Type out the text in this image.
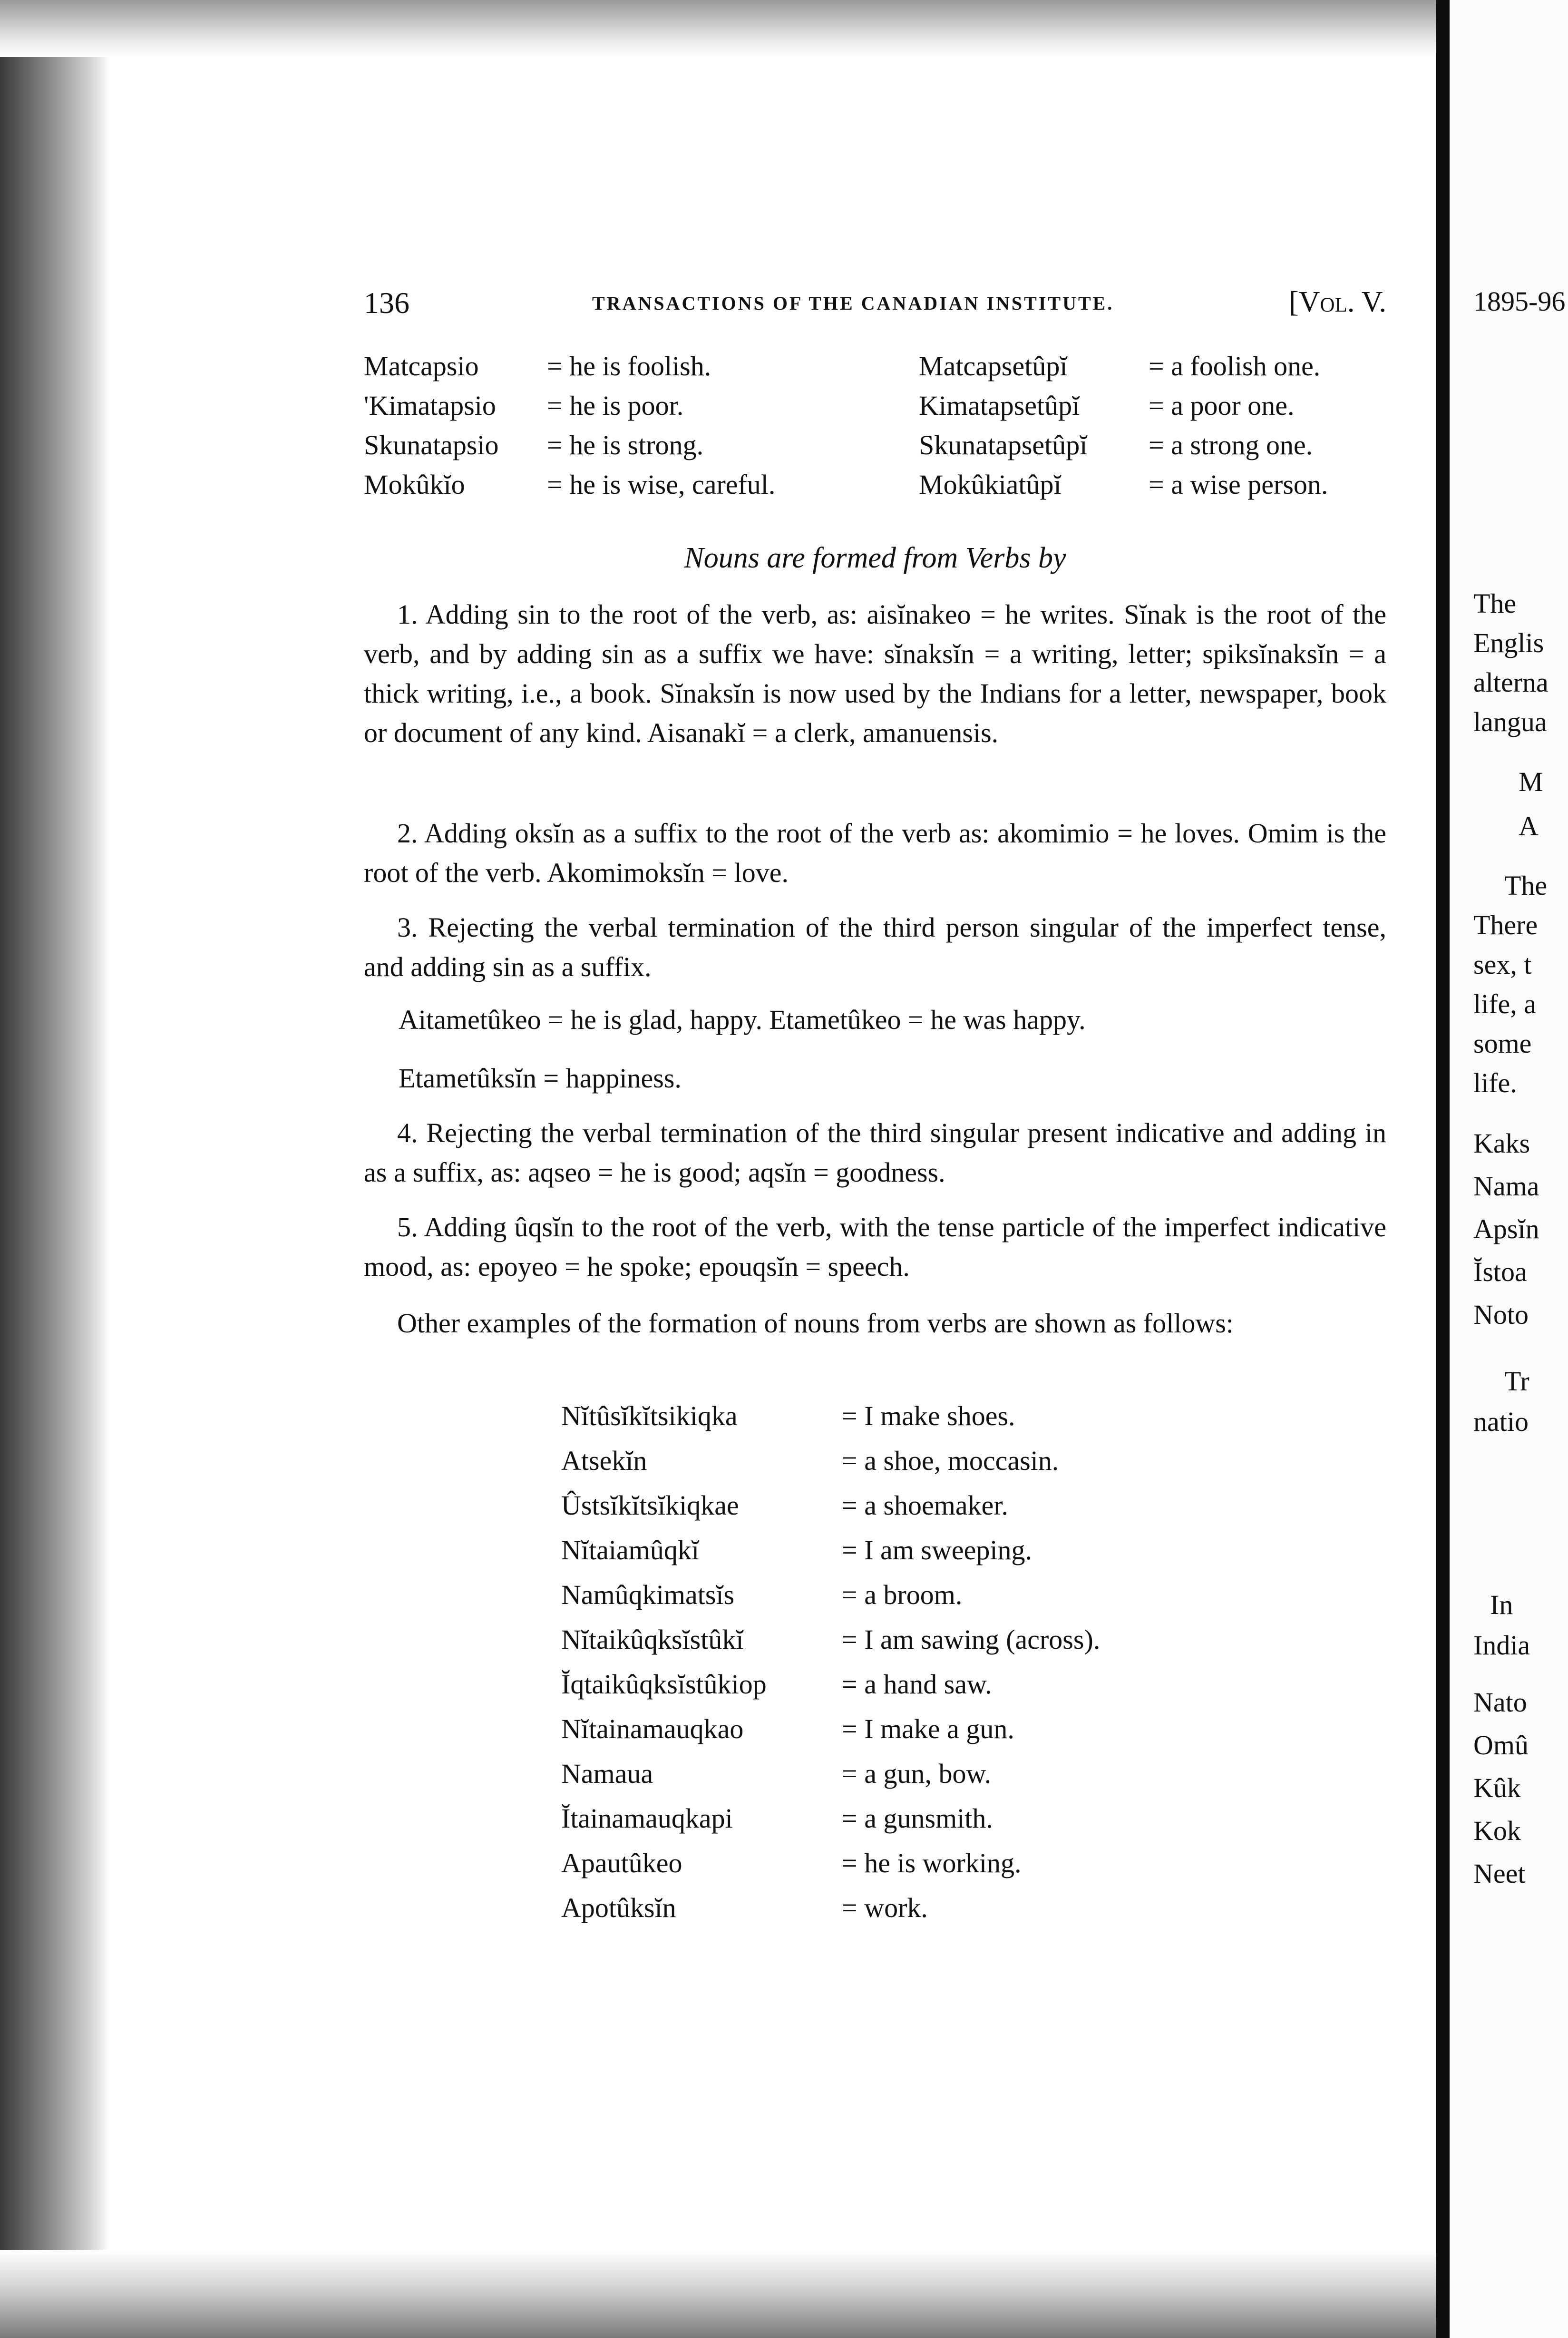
136	TRANSACTIONS OF THE CANADIAN INSTITUTE.	[Vol. V.
Matcapsio = he is foolish.	Matcapsetûpĭ	= a foolish one.
'Kimatapsio = he is poor.	Kimatapsetûpĭ = a poor one.
Skunatapsio = he is strong.	Skunatapsetûpĭ = a strong one.
Mokûkĭo	= he is wise, careful.	Mokûkiatûpĭ	= a wise person.
Nouns are formed from Verbs by

1. Adding sin to the root of the verb, as: aisĭnakeo = he writes. Sĭnak is the root of the verb, and by adding sin as a suffix we have: sĭnaksĭn = a writing, letter; spiksĭnaksĭn = a thick writing, i.e., a book. Sĭnaksĭn is now used by the Indians for a letter, newspaper, book or document of any kind. Aisanakĭ = a clerk, amanuensis.

2. Adding oksĭn as a suffix to the root of the verb as: akomimio = he loves. Omim is the root of the verb. Akomimoksĭn = love.

3. Rejecting the verbal termination of the third person singular of the imperfect tense, and adding sin as a suffix.

Aitametûkeo = he is glad, happy. Etametûkeo = he was happy.
Etametûksĭn = happiness.

4. Rejecting the verbal termination of the third singular present indicative and adding in as a suffix, as: aqseo = he is good; aqsĭn = goodness.

5. Adding ûqsĭn to the root of the verb, with the tense particle of the imperfect indicative mood, as: epoyeo = he spoke; epouqsĭn = speech.

Other examples of the formation of nouns from verbs are shown as follows:

Nĭtûsĭkĭtsikiqka	= I make shoes.
Atsekĭn	= a shoe, moccasin.
Ûstsĭkĭtsĭkiqkae	= a shoemaker.
Nĭtaiamûqkĭ	= I am sweeping.
Namûqkimatsĭs	= a broom.
Nĭtaikûqksĭstûkĭ	= I am sawing (across).
Ĭqtaikûqksĭstûkiop	= a hand saw.
Nĭtainamauqkao	= I make a gun.
Namaua	= a gun, bow.
Ĭtainamauqkapi	= a gunsmith.
Apautûkeo	= he is working.
Apotûksĭn	= work.
1895-96
The
Englis
alterna
langua
M
A
The
There
sex, t
life, a
some
life.
Kaks
Nama
Apsĭn
Ĭstoa
Noto
Tr
natio
In
India
Nato
Omû
Kûk
Kok
Neet
